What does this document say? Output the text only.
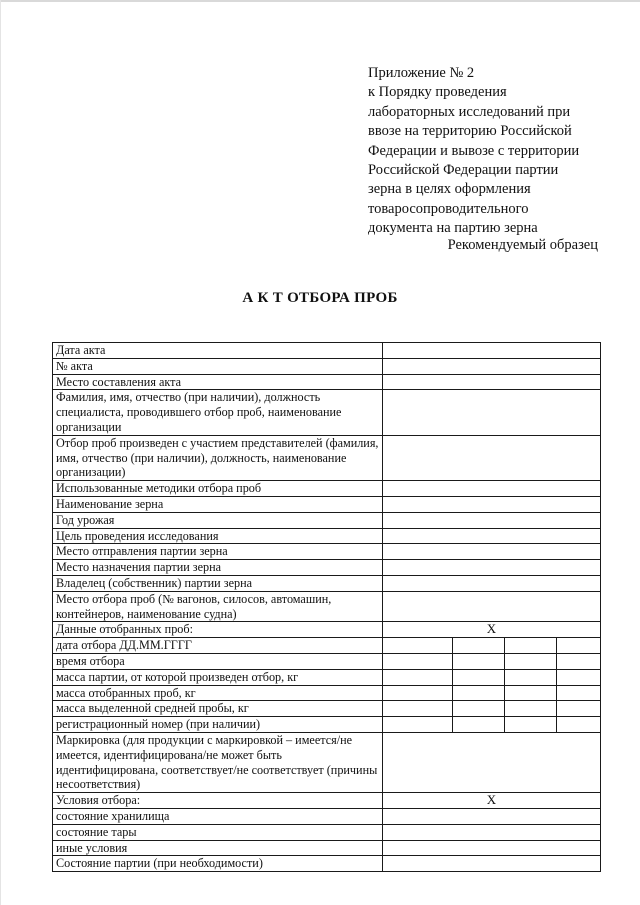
Приложение № 2
к Порядку проведения
лабораторных исследований при
ввозе на территорию Российской
Федерации и вывозе с территории
Российской Федерации партии
зерна в целях оформления
товаросопроводительного
документа на партию зерна
Рекомендуемый образец
А К Т ОТБОРА ПРОБ
Дата акта				
№ акта				
Место составления акта				
Фамилия, имя, отчество (при наличии), должность специалиста, проводившего отбор проб, наименование организации				
Отбор проб произведен с участием представителей (фамилия, имя, отчество (при наличии), должность, наименование организации)				
Использованные методики отбора проб				
Наименование зерна				
Год урожая				
Цель проведения исследования				
Место отправления партии зерна				
Место назначения партии зерна				
Владелец (собственник) партии зерна				
Место отбора проб (№ вагонов, силосов, автомашин, контейнеров, наименование судна)				
Данные отобранных проб:	Х			
дата отбора ДД.ММ.ГГГГ				
время отбора				
масса партии, от которой произведен отбор, кг				
масса отобранных проб, кг				
масса выделенной средней пробы, кг				
регистрационный номер (при наличии)				
Маркировка (для продукции с маркировкой – имеется/не имеется, идентифицирована/не может быть идентифицирована, соответствует/не соответствует (причины несоответствия)				
Условия отбора:	Х			
состояние хранилища				
состояние тары				
иные условия				
Состояние партии (при необходимости)				
